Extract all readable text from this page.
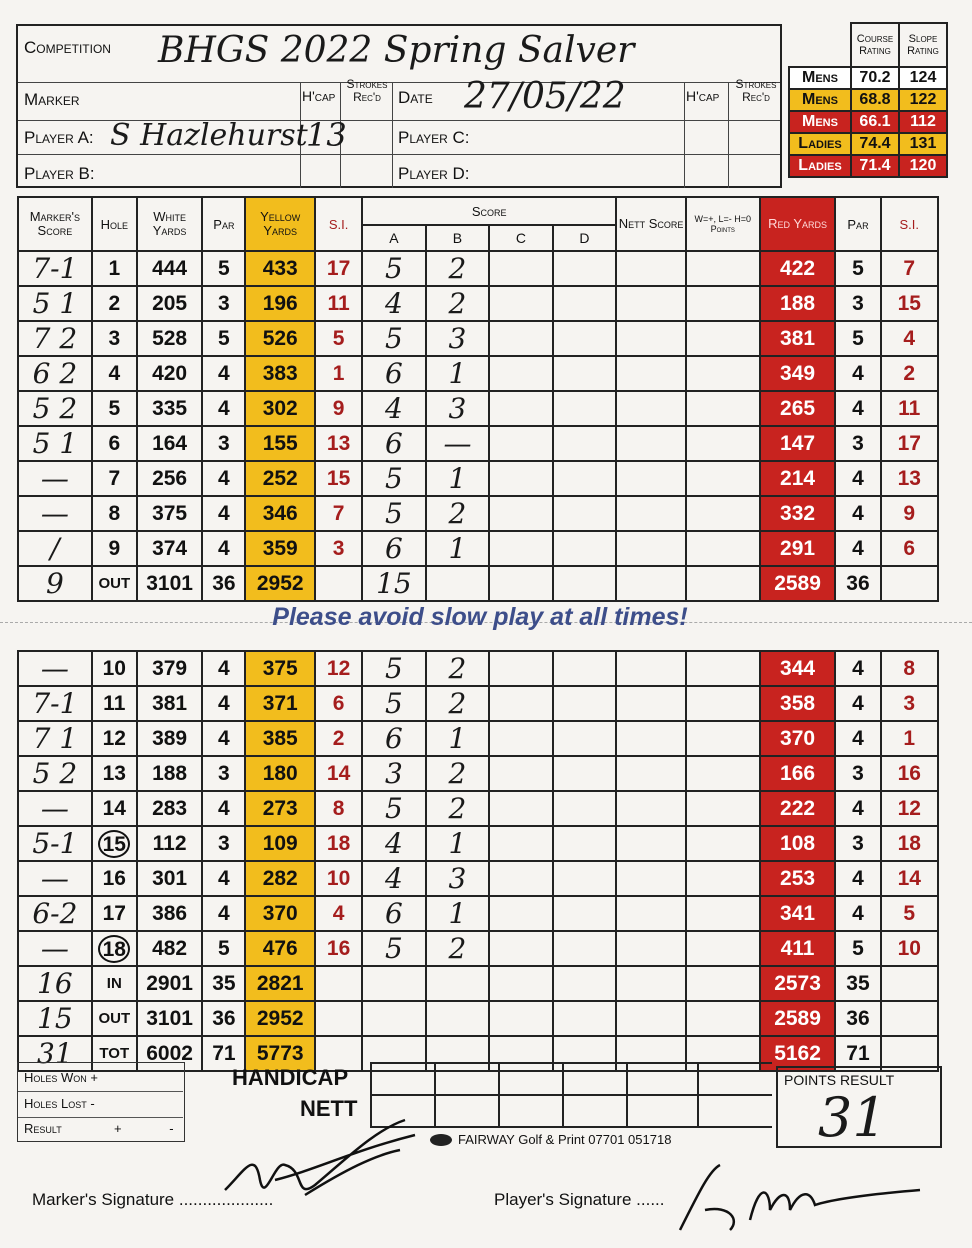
Competition BHGS 2022 Spring Salver
Marker	H'cap
Strokes Rec'd	Date 27/05/22	H'cap
Strokes Rec'd
Player A: S Hazlehurst
13	Player C:
Player B:	Player D:
	Course Rating	Slope Rating
Mens	70.2	124
Mens	68.8	122
Mens	66.1	112
Ladies	74.4	131
Ladies	71.4	120
Marker's Score	Hole	White Yards	Par	Yellow Yards	S.I.	Score				Nett Score	W=+, L=- H=0 Points	Red Yards	Par	S.I.
						A	B	C	D					
7-1	1	444	5	433	17	5	2					422	5	7
5 1	2	205	3	196	11	4	2					188	3	15
7 2	3	528	5	526	5	5	3					381	5	4
6 2	4	420	4	383	1	6	1					349	4	2
5 2	5	335	4	302	9	4	3					265	4	11
5 1	6	164	3	155	13	6	—					147	3	17
—	7	256	4	252	15	5	1					214	4	13
—	8	375	4	346	7	5	2					332	4	9
/	9	374	4	359	3	6	1					291	4	6
9	OUT	3101	36	2952		15						2589	36	
Please avoid slow play at all times!
—	10	379	4	375	12	5	2					344	4	8
7-1	11	381	4	371	6	5	2					358	4	3
7 1	12	389	4	385	2	6	1					370	4	1
5 2	13	188	3	180	14	3	2					166	3	16
—	14	283	4	273	8	5	2					222	4	12
5-1	15	112	3	109	18	4	1					108	3	18
—	16	301	4	282	10	4	3					253	4	14
6-2	17	386	4	370	4	6	1					341	4	5
—	18	482	5	476	16	5	2					411	5	10
16	IN	2901	35	2821								2573	35	
15	OUT	3101	36	2952								2589	36	
31	TOT	6002	71	5773								5162	71	
Holes Won +
Holes Lost -
Result	+ -
HANDICAP
NETT

POINTS RESULT
31
FAIRWAY Golf & Print 07701 051718
Marker's Signature ....................	Player's Signature ......
